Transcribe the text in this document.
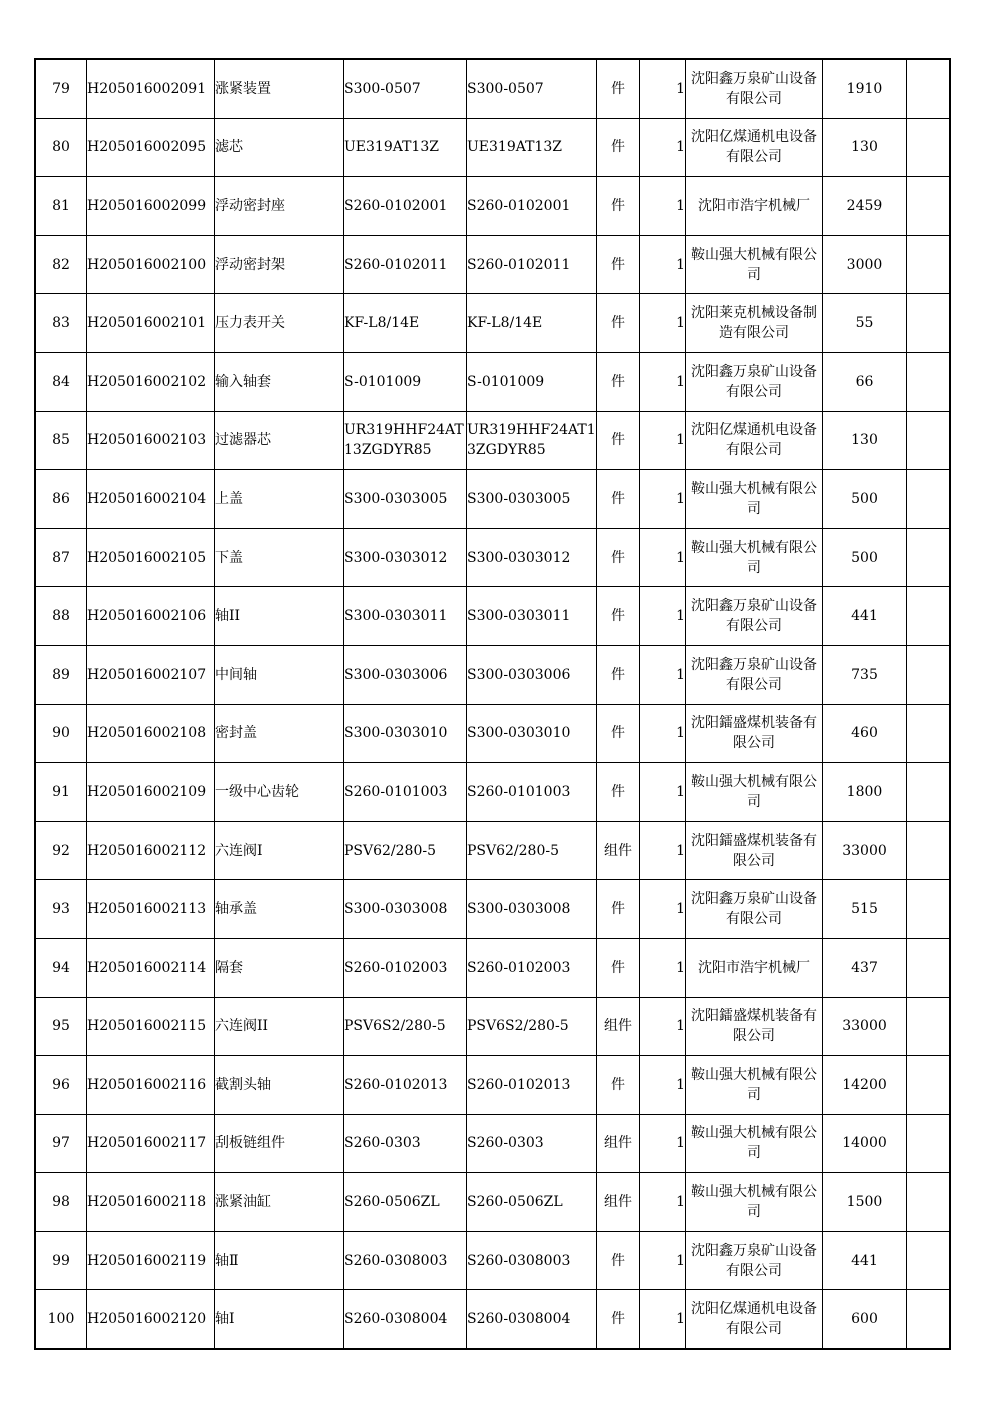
79	H205016002091	涨紧装置	S300-0507	S300-0507	件	1	沈阳鑫万泉矿山设备有限公司	1910	

80	H205016002095	滤芯	UE319AT13Z	UE319AT13Z	件	1	沈阳亿煤通机电设备有限公司	130	

81	H205016002099	浮动密封座	S260-0102001	S260-0102001	件	1	沈阳市浩宇机械厂	2459	

82	H205016002100	浮动密封架	S260-0102011	S260-0102011	件	1	鞍山强大机械有限公司	3000	

83	H205016002101	压力表开关	KF-L8/14E	KF-L8/14E	件	1	沈阳莱克机械设备制造有限公司	55	

84	H205016002102	输入轴套	S-0101009	S-0101009	件	1	沈阳鑫万泉矿山设备有限公司	66	

85	H205016002103	过滤器芯	UR319HHF24AT13ZGDYR85	UR319HHF24AT13ZGDYR85	件	1	沈阳亿煤通机电设备有限公司	130	

86	H205016002104	上盖	S300-0303005	S300-0303005	件	1	鞍山强大机械有限公司	500	

87	H205016002105	下盖	S300-0303012	S300-0303012	件	1	鞍山强大机械有限公司	500	

88	H205016002106	轴II	S300-0303011	S300-0303011	件	1	沈阳鑫万泉矿山设备有限公司	441	

89	H205016002107	中间轴	S300-0303006	S300-0303006	件	1	沈阳鑫万泉矿山设备有限公司	735	

90	H205016002108	密封盖	S300-0303010	S300-0303010	件	1	沈阳鐳盛煤机装备有限公司	460	

91	H205016002109	一级中心齿轮	S260-0101003	S260-0101003	件	1	鞍山强大机械有限公司	1800	

92	H205016002112	六连阀I	PSV62/280-5	PSV62/280-5	组件	1	沈阳鐳盛煤机装备有限公司	33000	

93	H205016002113	轴承盖	S300-0303008	S300-0303008	件	1	沈阳鑫万泉矿山设备有限公司	515	

94	H205016002114	隔套	S260-0102003	S260-0102003	件	1	沈阳市浩宇机械厂	437	

95	H205016002115	六连阀II	PSV6S2/280-5	PSV6S2/280-5	组件	1	沈阳鐳盛煤机装备有限公司	33000	

96	H205016002116	截割头轴	S260-0102013	S260-0102013	件	1	鞍山强大机械有限公司	14200	

97	H205016002117	刮板链组件	S260-0303	S260-0303	组件	1	鞍山强大机械有限公司	14000	

98	H205016002118	涨紧油缸	S260-0506ZL	S260-0506ZL	组件	1	鞍山强大机械有限公司	1500	

99	H205016002119	轴Ⅱ	S260-0308003	S260-0308003	件	1	沈阳鑫万泉矿山设备有限公司	441	

100	H205016002120	轴Ⅰ	S260-0308004	S260-0308004	件	1	沈阳亿煤通机电设备有限公司	600	
